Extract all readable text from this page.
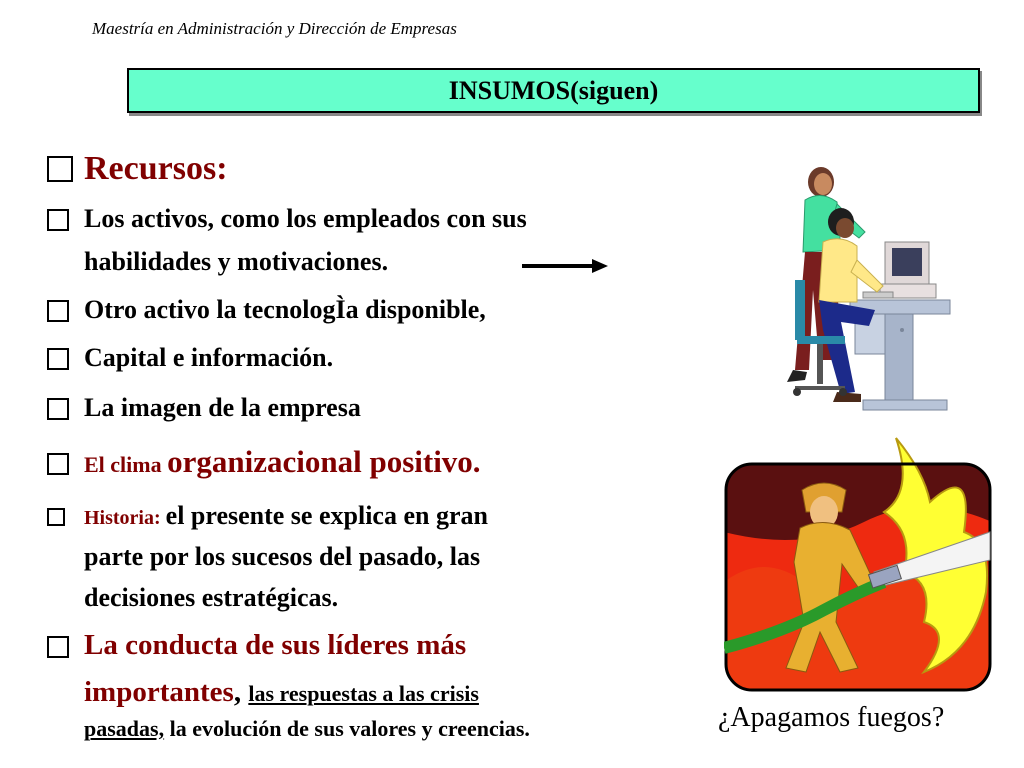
Maestría en Administración y Dirección de Empresas
INSUMOS(siguen)
Recursos:
Los activos, como los empleados con sus
habilidades y motivaciones.
Otro activo la tecnologÌa disponible,
Capital e información.
La imagen de la empresa
El clima organizacional positivo.
Historia: el presente se explica en gran
parte por los sucesos del pasado, las
decisiones estratégicas.
La conducta de sus líderes más
importantes, las respuestas a las crisis
pasadas, la evolución de sus valores y creencias.	¿Apagamos fuegos?
